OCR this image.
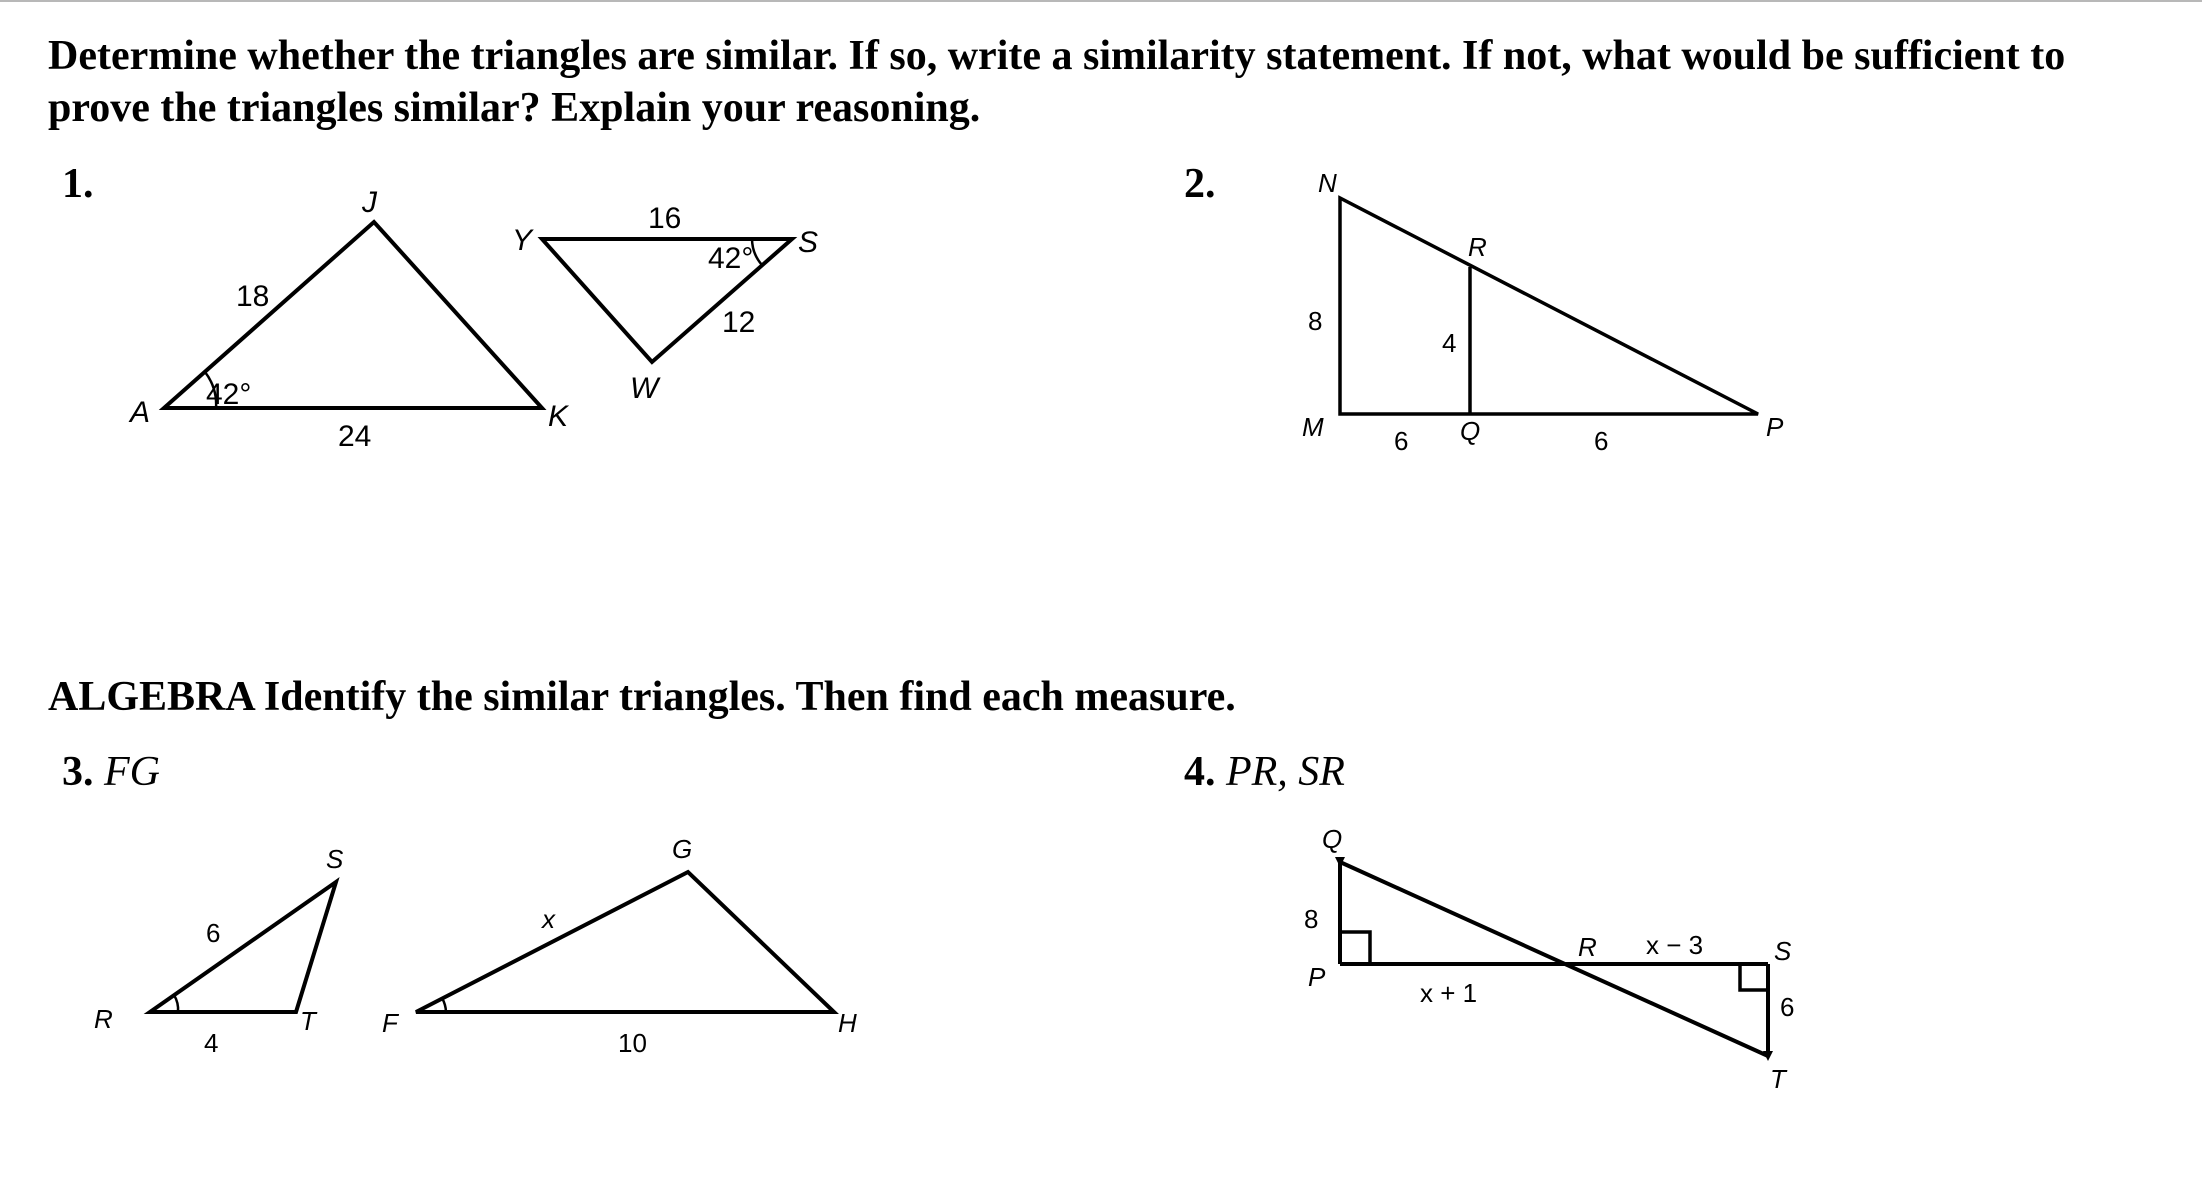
Determine whether the triangles are similar. If so, write a similarity statement. If not, what would be sufficient to
prove the triangles similar? Explain your reasoning.
1.	2.
ALGEBRA Identify the similar triangles. Then find each measure.
3. FG	4. PR, SR
J
A	K
18
24
42°
Y	S
W
16
12
42°
N
R
M	Q	P
8
4
6	6
S
R	T
6
4
G
F	H
x
10
Q
P
R	S
T
8
x + 1
x − 3
6
